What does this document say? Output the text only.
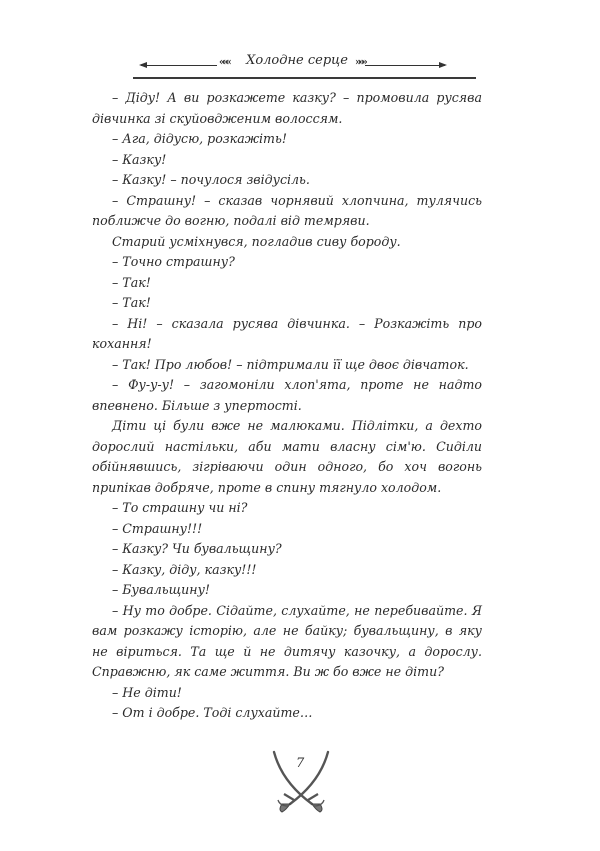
«««	Холодне серце »»»

– Діду! А ви розкажете казку? – промовила русява дівчинка зі скуйовдженим волоссям.

– Ага, дідусю, розкажіть!

– Казку!

– Казку! – почулося звідусіль.

– Страшну! – сказав чорнявий хлопчина, тулячись поближче до вогню, подалі від темряви.

Старий усміхнувся, погладив сиву бороду.

– Точно страшну?

– Так!

– Так!

– Ні! – сказала русява дівчинка. – Розкажіть про кохання!

– Так! Про любов! – підтримали її ще двоє дівчаток.

– Фу-у-у! – загомоніли хлоп'ята, проте не надто впевнено. Більше з упертості.

Діти ці були вже не малюками. Підлітки, а дехто дорослий настільки, аби мати власну сім'ю. Сиділи обійнявшись, зігріваючи один одного, бо хоч вогонь припікав добряче, проте в спину тягнуло холодом.

– То страшну чи ні?

– Страшну!!!

– Казку? Чи бувальщину?

– Казку, діду, казку!!!

– Бувальщину!

– Ну то добре. Сідайте, слухайте, не перебивайте. Я вам розкажу історію, але не байку; бувальщину, в яку не віриться. Та ще й не дитячу казочку, а дорослу. Справжню, як саме життя. Ви ж бо вже не діти?

– Не діти!

– От і добре. Тоді слухайте…

7
